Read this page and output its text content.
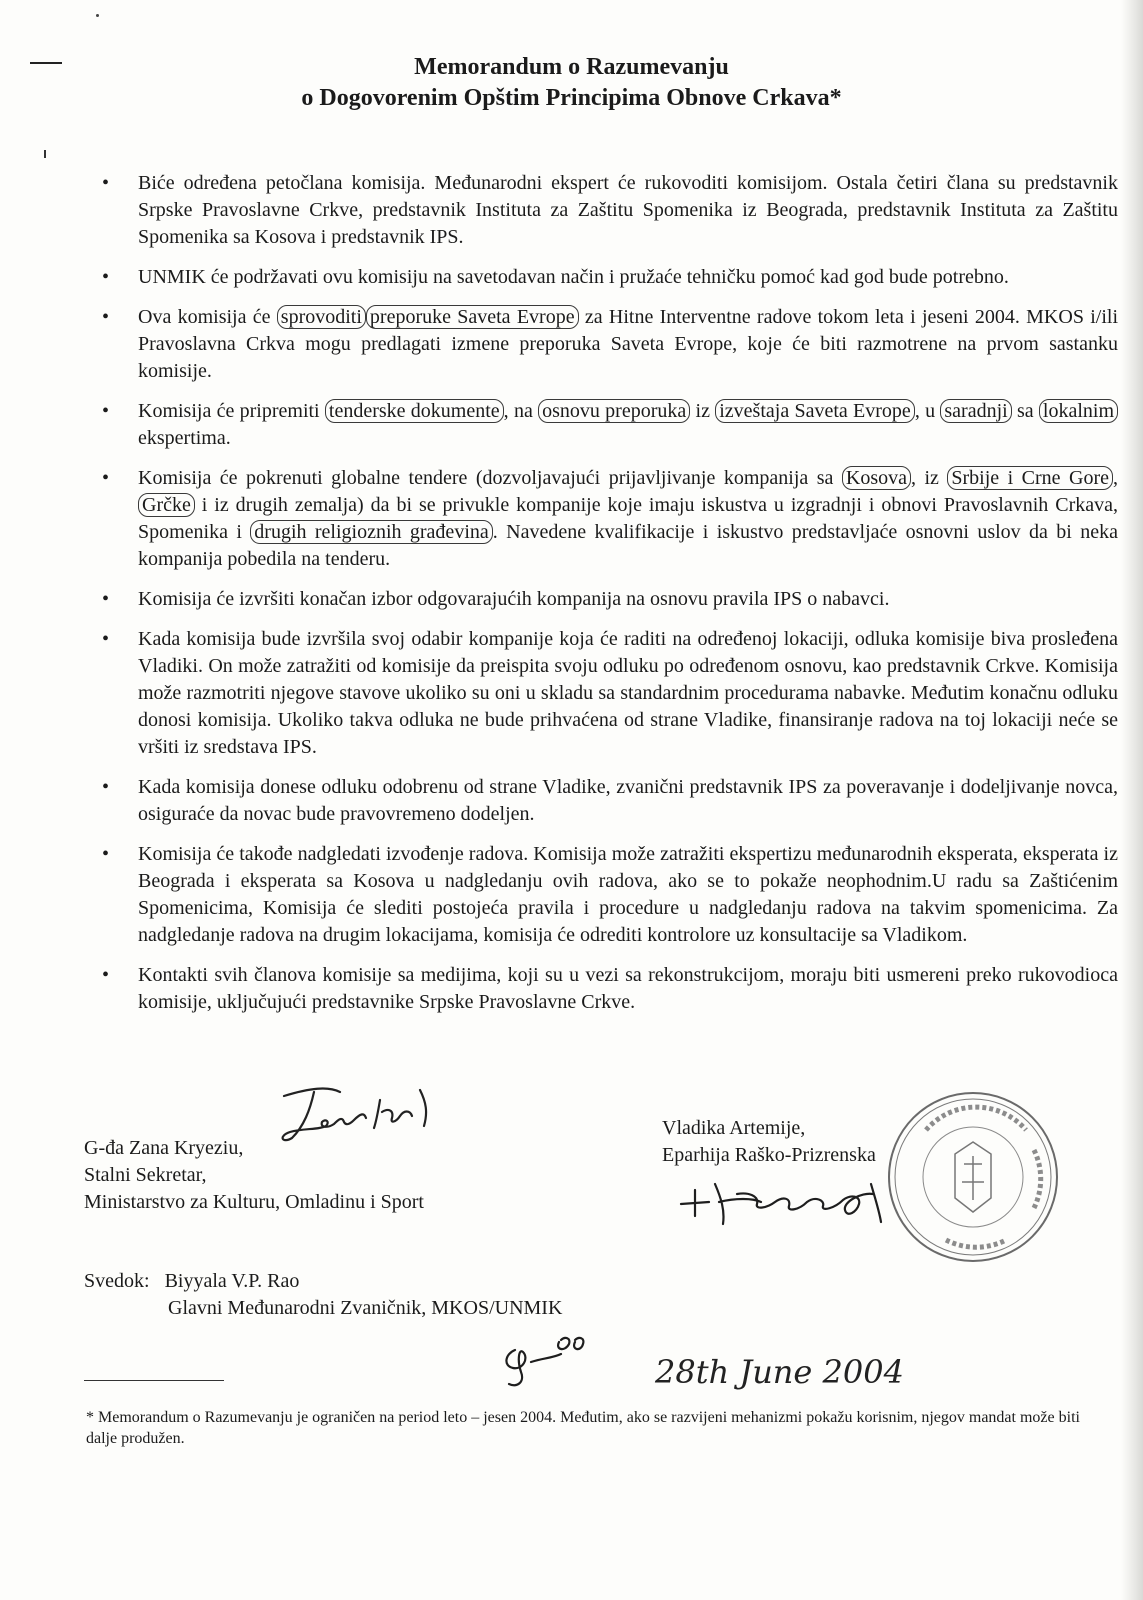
Memorandum o Razumevanju
o Dogovorenim Opštim Principima Obnove Crkava*
• Biće određena petočlana komisija. Međunarodni ekspert će rukovoditi komisijom. Ostala četiri člana su predstavnik Srpske Pravoslavne Crkve, predstavnik Instituta za Zaštitu Spomenika iz Beograda, predstavnik Instituta za Zaštitu Spomenika sa Kosova i predstavnik IPS.
• UNMIK će podržavati ovu komisiju na savetodavan način i pružaće tehničku pomoć kad god bude potrebno.
• Ova komisija će sprovoditi preporuke Saveta Evrope za Hitne Interventne radove tokom leta i jeseni 2004. MKOS i/ili Pravoslavna Crkva mogu predlagati izmene preporuka Saveta Evrope, koje će biti razmotrene na prvom sastanku komisije.
• Komisija će pripremiti tenderske dokumente , na osnovu preporuka iz izveštaja Saveta Evrope , u saradnji sa lokalnim ekspertima.
• Komisija će pokrenuti globalne tendere (dozvoljavajući prijavljivanje kompanija sa Kosova , iz Srbije i Crne Gore , Grčke i iz drugih zemalja) da bi se privukle kompanije koje imaju iskustva u izgradnji i obnovi Pravoslavnih Crkava, Spomenika i drugih religioznih građevina . Navedene kvalifikacije i iskustvo predstavljaće osnovni uslov da bi neka kompanija pobedila na tenderu.
• Komisija će izvršiti konačan izbor odgovarajućih kompanija na osnovu pravila IPS o nabavci.
• Kada komisija bude izvršila svoj odabir kompanije koja će raditi na određenoj lokaciji, odluka komisije biva prosleđena Vladiki. On može zatražiti od komisije da preispita svoju odluku po određenom osnovu, kao predstavnik Crkve. Komisija može razmotriti njegove stavove ukoliko su oni u skladu sa standardnim procedurama nabavke. Međutim konačnu odluku donosi komisija. Ukoliko takva odluka ne bude prihvaćena od strane Vladike, finansiranje radova na toj lokaciji neće se vršiti iz sredstava IPS.
• Kada komisija donese odluku odobrenu od strane Vladike, zvanični predstavnik IPS za poveravanje i dodeljivanje novca, osiguraće da novac bude pravovremeno dodeljen.
• Komisija će takođe nadgledati izvođenje radova. Komisija može zatražiti ekspertizu međunarodnih eksperata, eksperata iz Beograda i eksperata sa Kosova u nadgledanju ovih radova, ako se to pokaže neophodnim.U radu sa Zaštićenim Spomenicima, Komisija će slediti postojeća pravila i procedure u nadgledanju radova na takvim spomenicima. Za nadgledanje radova na drugim lokacijama, komisija će odrediti kontrolore uz konsultacije sa Vladikom.
• Kontakti svih članova komisije sa medijima, koji su u vezi sa rekonstrukcijom, moraju biti usmereni preko rukovodioca komisije, uključujući predstavnike Srpske Pravoslavne Crkve.
G-đa Zana Kryeziu,
Stalni Sekretar,
Ministarstvo za Kulturu, Omladinu i Sport
Vladika Artemije,
Eparhija Raško-Prizrenska
Svedok: Biyyala V.P. Rao
Glavni Međunarodni Zvaničnik, MKOS/UNMIK
28th June 2004
* Memorandum o Razumevanju je ograničen na period leto – jesen 2004. Međutim, ako se razvijeni mehanizmi pokažu korisnim, njegov mandat može biti dalje produžen.
